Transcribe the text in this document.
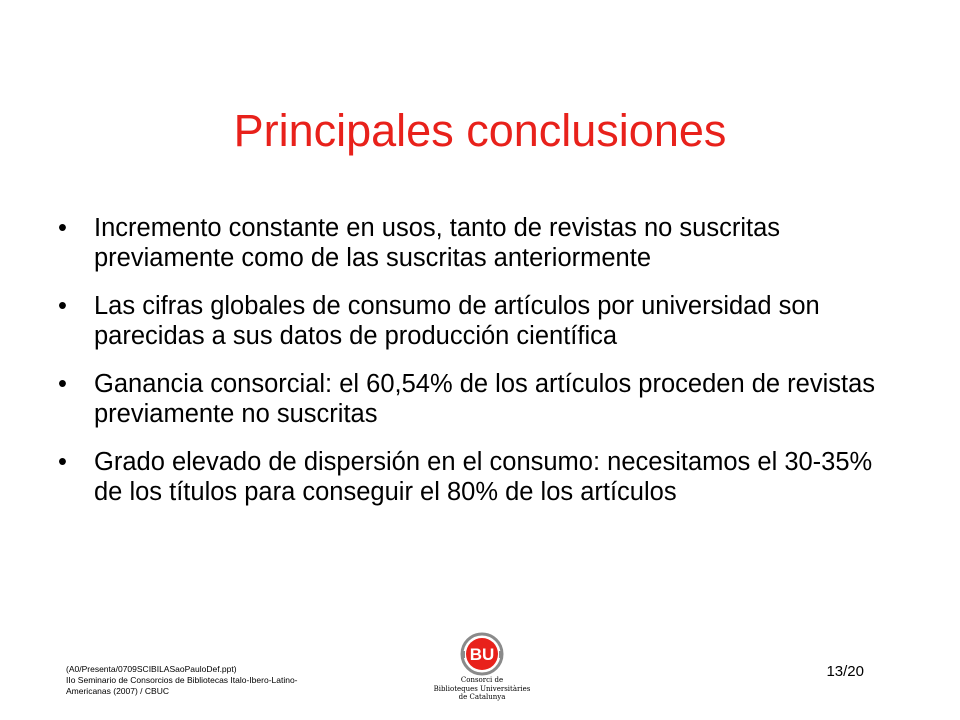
Principales conclusiones
• Incremento constante en usos, tanto de revistas no suscritas previamente como de las suscritas anteriormente
• Las cifras globales de consumo de artículos por universidad son parecidas a sus datos de producción científica
• Ganancia consorcial: el 60,54% de los artículos proceden de revistas previamente no suscritas
• Grado elevado de dispersión en el consumo: necesitamos el 30-35% de los títulos para conseguir el 80% de los artículos
(A0/Presenta/0709SCIBILASaoPauloDef.ppt)
IIo Seminario de Consorcios de Bibliotecas Italo-Ibero-Latino-
Americanas (2007) / CBUC
BU
Consorci de
Biblioteques Universitàries
de Catalunya
13/20
